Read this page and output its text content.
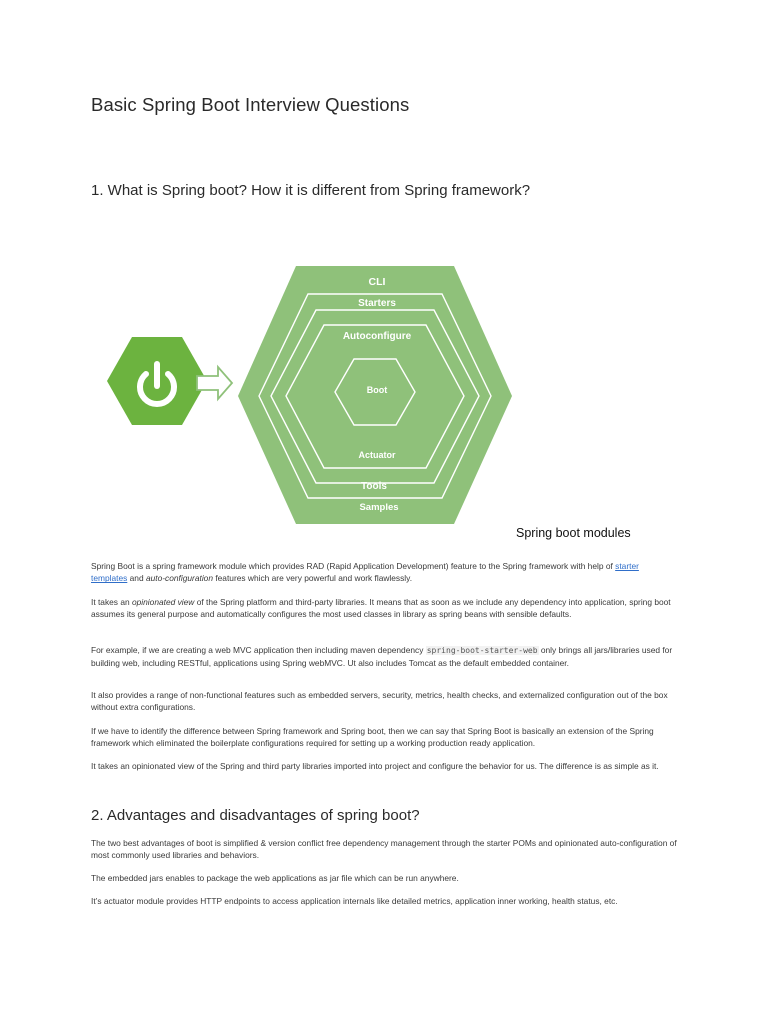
Basic Spring Boot Interview Questions
1. What is Spring boot? How it is different from Spring framework?
CLI
Starters
Autoconfigure
Boot
Actuator
Tools
Samples

Spring boot modules

Spring Boot is a spring framework module which provides RAD (Rapid Application Development) feature to the Spring framework with help of starter templates and auto-configuration features which are very powerful and work flawlessly.

It takes an opinionated view of the Spring platform and third-party libraries. It means that as soon as we include any dependency into application, spring boot assumes its general purpose and automatically configures the most used classes in library as spring beans with sensible defaults.

For example, if we are creating a web MVC application then including maven dependency spring-boot-starter-web only brings all jars/libraries used for building web, including RESTful, applications using Spring webMVC. Ut also includes Tomcat as the default embedded container.

It also provides a range of non-functional features such as embedded servers, security, metrics, health checks, and externalized configuration out of the box without extra configurations.

If we have to identify the difference between Spring framework and Spring boot, then we can say that Spring Boot is basically an extension of the Spring framework which eliminated the boilerplate configurations required for setting up a working production ready application.

It takes an opinionated view of the Spring and third party libraries imported into project and configure the behavior for us. The difference is as simple as it.

2. Advantages and disadvantages of spring boot?

The two best advantages of boot is simplified & version conflict free dependency management through the starter POMs and opinionated auto-configuration of most commonly used libraries and behaviors.

The embedded jars enables to package the web applications as jar file which can be run anywhere.

It’s actuator module provides HTTP endpoints to access application internals like detailed metrics, application inner working, health status, etc.
